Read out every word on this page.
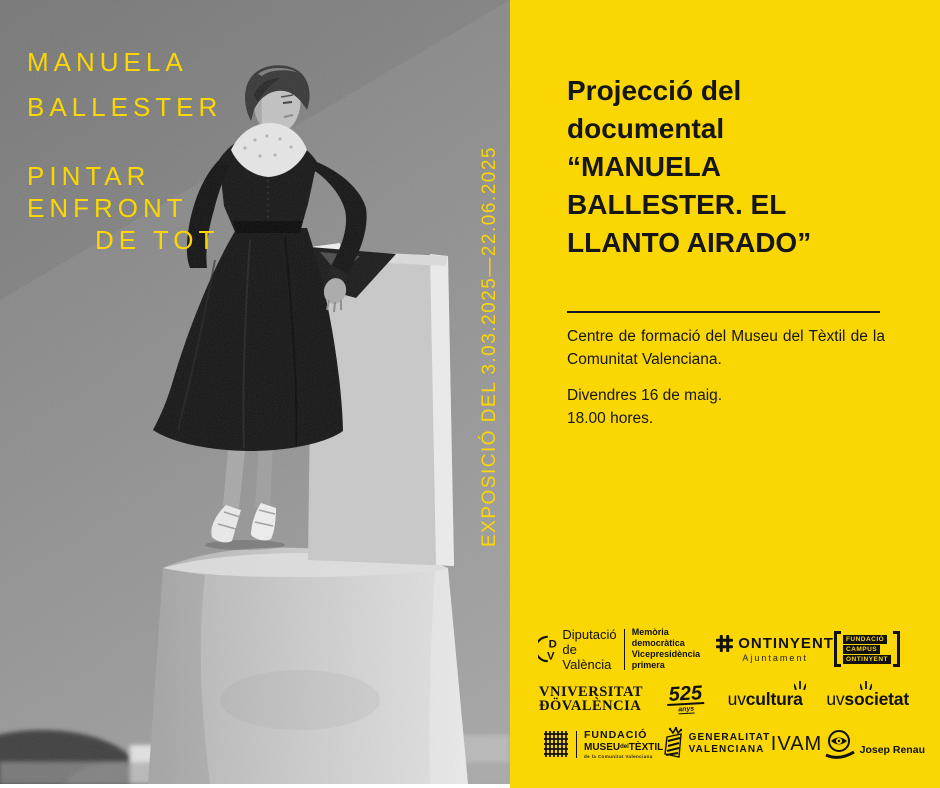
MANUELA
BALLESTER
PINTAR
ENFRONT
DE TOT	EXPOSICIÓ DEL 3.03.2025—22.06.2025
Projecció del
documental
“MANUELA
BALLESTER. EL
LLANTO AIRADO”

Centre de formació del Museu del Tèxtil de la Comunitat Valenciana.

Divendres 16 de maig.
18.00 hores.
D
V
Diputació
de València
Memòria democràtica
Vicepresidència primera
ONTINYENT
Ajuntament
FUNDACIÓ
CAMPUS
ONTINYENT
VNIVERSITAT
ĐÖVALÈNCIA
525
anys
uvcultura uvsocietat
FUNDACIÓ
$MUSEU^{del}TÈXTIL$
de la Comunitat Valenciana
GENERALITAT
VALENCIANA IVAM	Josep Renau
